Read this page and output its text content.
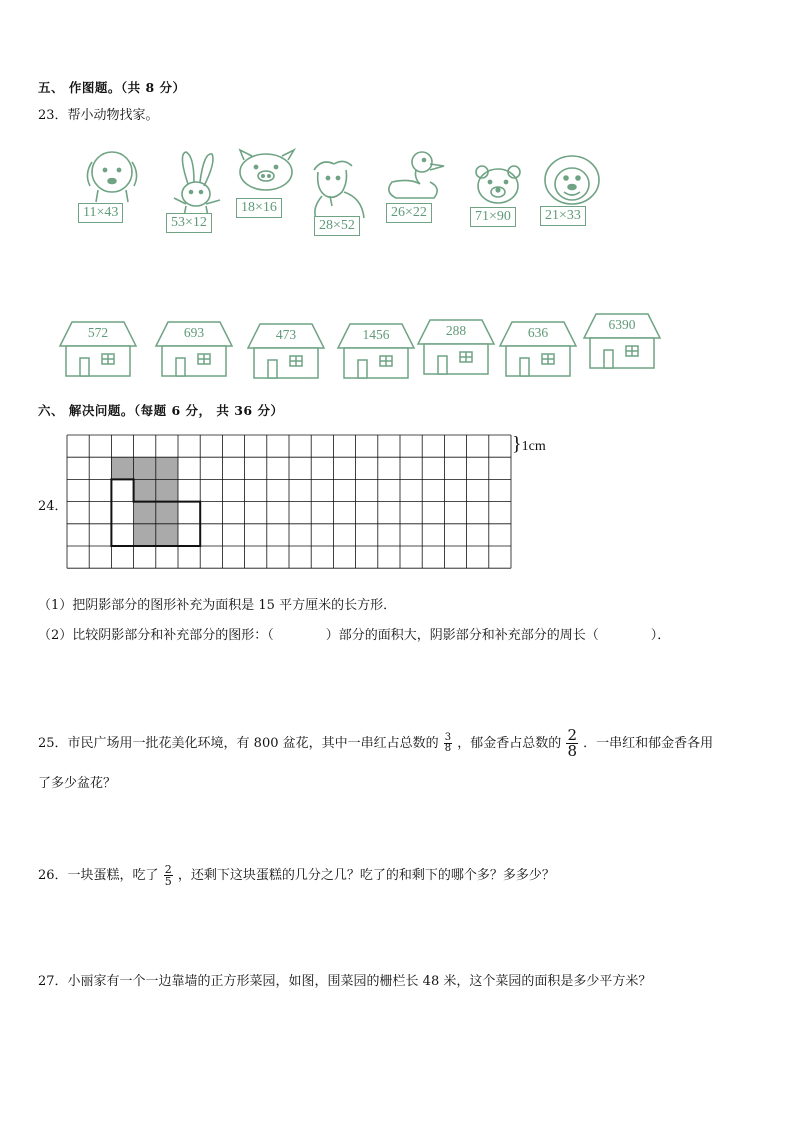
五、 作图题。（共 8 分）
23．帮小动物找家。
11×43
53×12
18×16
28×52
26×22	71×90	21×33
572	693	473	1456	288	636
6390
六、 解决问题。（每题 6 分， 共 36 分）
24．
}1cm
（1）把阴影部分的图形补充为面积是 15 平方厘米的长方形．
（2）比较阴影部分和补充部分的图形：（	）部分的面积大，阴影部分和补充部分的周长（	）．
25．市民广场用一批花美化环境，有 800 盆花，其中一串红占总数的 $\frac{3}{8}$ ，郁金香占总数的 $\frac{2}{8}$ ．一串红和郁金香各用
了多少盆花？
26．一块蛋糕，吃了 $\frac{2}{5}$ ，还剩下这块蛋糕的几分之几？吃了的和剩下的哪个多？多多少？
27．小丽家有一个一边靠墙的正方形菜园，如图，围菜园的栅栏长 48 米，这个菜园的面积是多少平方米？
